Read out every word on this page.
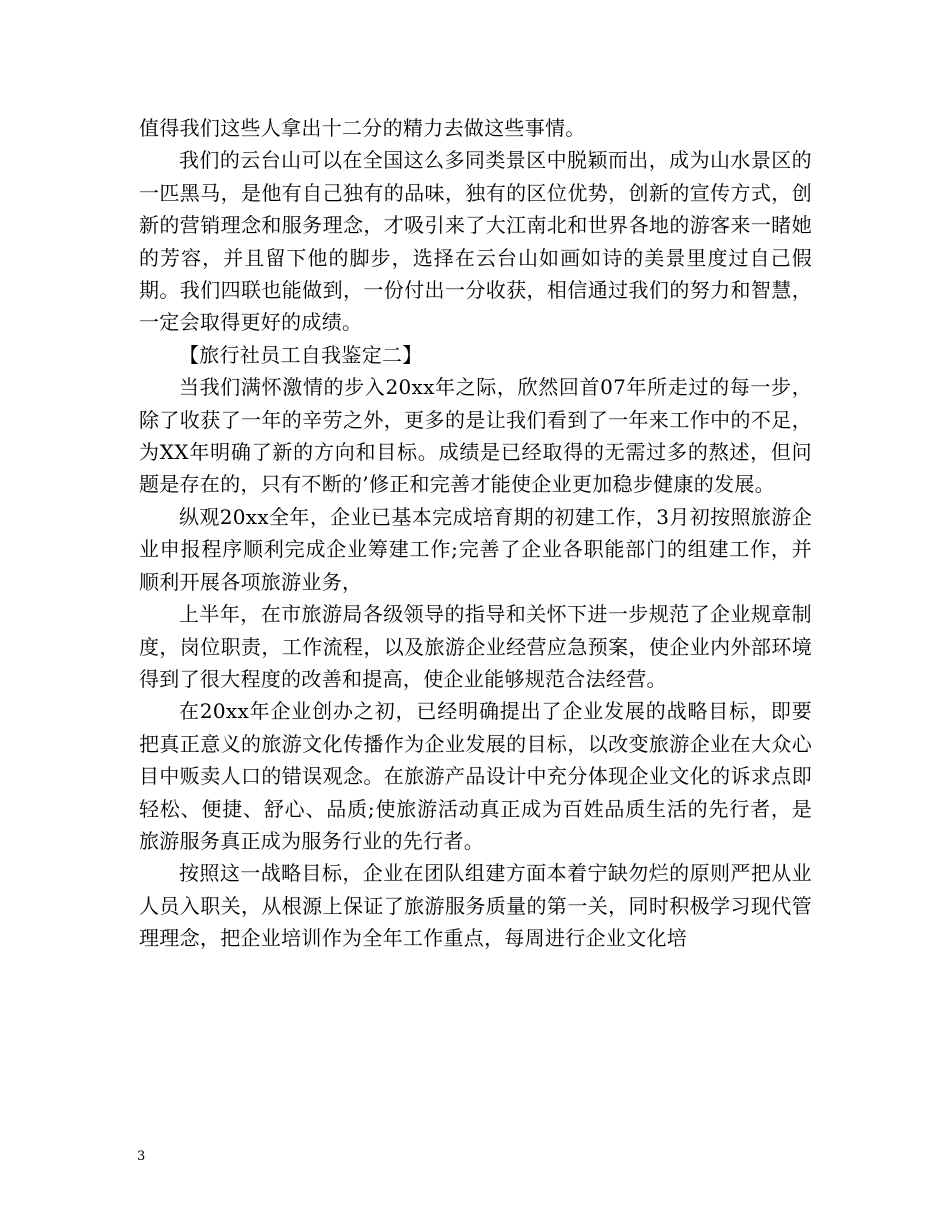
值得我们这些人拿出十二分的精力去做这些事情。

我们的云台山可以在全国这么多同类景区中脱颖而出，成为山水景区的一匹黑马，是他有自己独有的品味，独有的区位优势，创新的宣传方式，创新的营销理念和服务理念，才吸引来了大江南北和世界各地的游客来一睹她的芳容，并且留下他的脚步，选择在云台山如画如诗的美景里度过自己假期。我们四联也能做到，一份付出一分收获，相信通过我们的努力和智慧，一定会取得更好的成绩。

【旅行社员工自我鉴定二】

当我们满怀激情的步入20xx年之际，欣然回首07年所走过的每一步，除了收获了一年的辛劳之外，更多的是让我们看到了一年来工作中的不足，为XX年明确了新的方向和目标。成绩是已经取得的无需过多的熬述，但问题是存在的，只有不断的’修正和完善才能使企业更加稳步健康的发展。

纵观20xx全年，企业已基本完成培育期的初建工作，3月初按照旅游企业申报程序顺利完成企业筹建工作;完善了企业各职能部门的组建工作，并顺利开展各项旅游业务，

上半年，在市旅游局各级领导的指导和关怀下进一步规范了企业规章制度，岗位职责，工作流程，以及旅游企业经营应急预案，使企业内外部环境得到了很大程度的改善和提高，使企业能够规范合法经营。

在20xx年企业创办之初，已经明确提出了企业发展的战略目标，即要把真正意义的旅游文化传播作为企业发展的目标，以改变旅游企业在大众心目中贩卖人口的错误观念。在旅游产品设计中充分体现企业文化的诉求点即轻松、便捷、舒心、品质;使旅游活动真正成为百姓品质生活的先行者，是旅游服务真正成为服务行业的先行者。

按照这一战略目标，企业在团队组建方面本着宁缺勿烂的原则严把从业人员入职关，从根源上保证了旅游服务质量的第一关，同时积极学习现代管理理念，把企业培训作为全年工作重点，每周进行企业文化培

3
